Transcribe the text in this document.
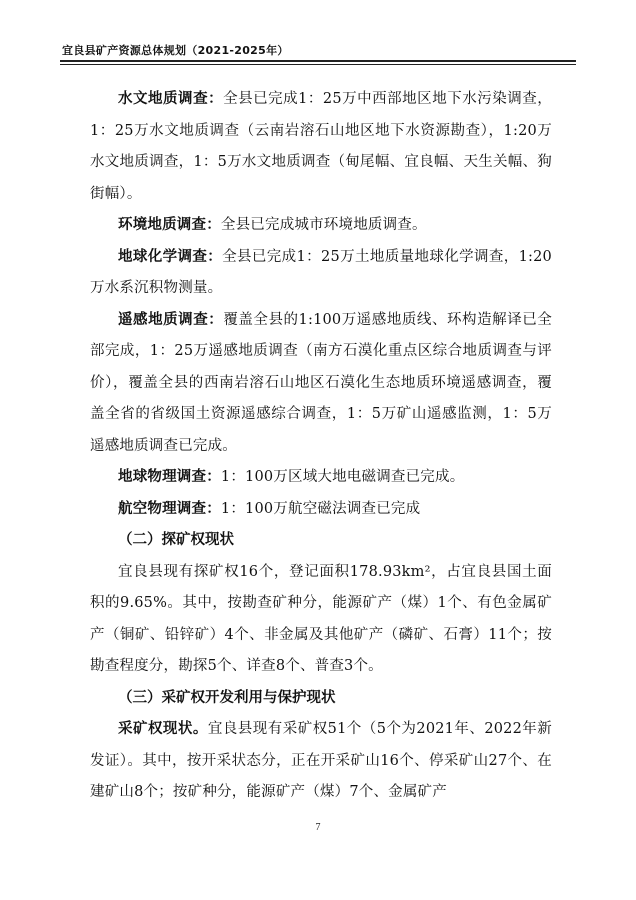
宜良县矿产资源总体规划（2021-2025年）

水文地质调查：全县已完成1：25万中西部地区地下水污染调查，1：25万水文地质调查（云南岩溶石山地区地下水资源勘查），1:20万水文地质调查，1：5万水文地质调查（甸尾幅、宜良幅、天生关幅、狗街幅）。

环境地质调查：全县已完成城市环境地质调查。

地球化学调查：全县已完成1：25万土地质量地球化学调查，1:20万水系沉积物测量。

遥感地质调查：覆盖全县的1:100万遥感地质线、环构造解译已全部完成，1：25万遥感地质调查（南方石漠化重点区综合地质调查与评价），覆盖全县的西南岩溶石山地区石漠化生态地质环境遥感调查，覆盖全省的省级国土资源遥感综合调查，1：5万矿山遥感监测，1：5万遥感地质调查已完成。

地球物理调查：1：100万区域大地电磁调查已完成。

航空物理调查：1：100万航空磁法调查已完成

（二）探矿权现状

宜良县现有探矿权16个，登记面积178.93km²，占宜良县国土面积的9.65%。其中，按勘查矿种分，能源矿产（煤）1个、有色金属矿产（铜矿、铅锌矿）4个、非金属及其他矿产（磷矿、石膏）11个；按勘查程度分，勘探5个、详查8个、普查3个。

（三）采矿权开发利用与保护现状

采矿权现状。宜良县现有采矿权51个（5个为2021年、2022年新发证）。其中，按开采状态分，正在开采矿山16个、停采矿山27个、在建矿山8个；按矿种分，能源矿产（煤）7个、金属矿产

7
